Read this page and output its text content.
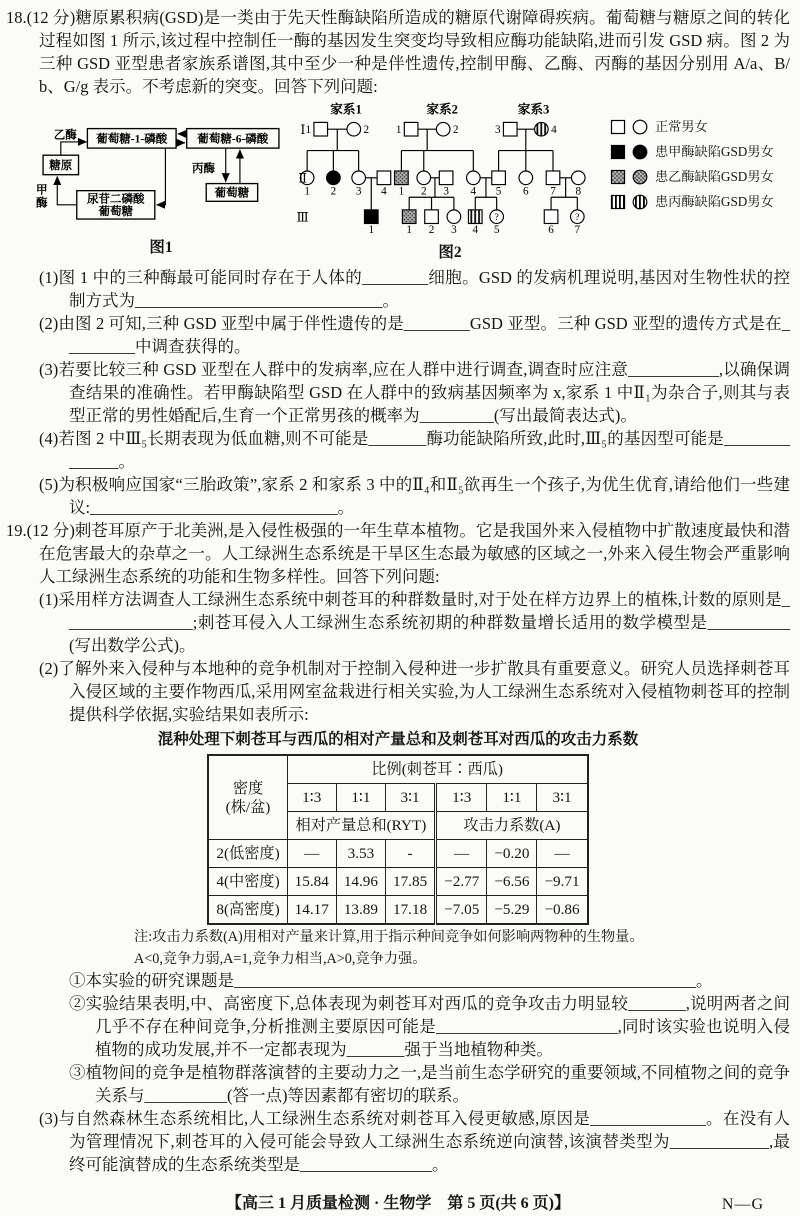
18.(12 分)糖原累积病(GSD)是一类由于先天性酶缺陷所造成的糖原代谢障碍疾病。葡萄糖与糖原之间的转化过程如图 1 所示,该过程中控制任一酶的基因发生突变均导致相应酶功能缺陷,进而引发 GSD 病。图 2 为三种 GSD 亚型患者家族系谱图,其中至少一种是伴性遗传,控制甲酶、乙酶、丙酶的基因分别用 A/a、B/b、G/g 表示。不考虑新的突变。回答下列问题:
糖原
葡萄糖-1-磷酸 葡萄糖-6-磷酸
葡萄糖
尿苷二磷酸
葡萄糖
乙酶
丙酶
甲
酶
图1
1	2
1 2 3 4
1
1	2
1 2 3 4
1 2 3 4
?
5
3	4
5 6 7 8
6
?
7
家系1	家系2	家系3
Ⅰ
Ⅱ
Ⅲ
图2
正常男女
患甲酶缺陷GSD男女
患乙酶缺陷GSD男女
患丙酶缺陷GSD男女
(1)图 1 中的三种酶最可能同时存在于人体的________细胞。GSD 的发病机理说明,基因对生物性状的控制方式为______________________________。
(2)由图 2 可知,三种 GSD 亚型中属于伴性遗传的是________GSD 亚型。三种 GSD 亚型的遗传方式是在_________中调查获得的。
(3)若要比较三种 GSD 亚型在人群中的发病率,应在人群中进行调查,调查时应注意___________,以确保调查结果的准确性。若甲酶缺陷型 GSD 在人群中的致病基因频率为 x,家系 1 中Ⅱ₁为杂合子,则其与表型正常的男性婚配后,生育一个正常男孩的概率为_________(写出最简表达式)。
(4)若图 2 中Ⅲ₅长期表现为低血糖,则不可能是_______酶功能缺陷所致,此时,Ⅲ₅的基因型可能是______________。
(5)为积极响应国家“三胎政策”,家系 2 和家系 3 中的Ⅱ₄和Ⅱ₅欲再生一个孩子,为优生优育,请给他们一些建议:______________________________。
19.(12 分)刺苍耳原产于北美洲,是入侵性极强的一年生草本植物。它是我国外来入侵植物中扩散速度最快和潜在危害最大的杂草之一。人工绿洲生态系统是干旱区生态最为敏感的区域之一,外来入侵生物会严重影响人工绿洲生态系统的功能和生物多样性。回答下列问题:
(1)采用样方法调查人工绿洲生态系统中刺苍耳的种群数量时,对于处在样方边界上的植株,计数的原则是________________;刺苍耳侵入人工绿洲生态系统初期的种群数量增长适用的数学模型是__________(写出数学公式)。
(2)了解外来入侵种与本地种的竞争机制对于控制入侵种进一步扩散具有重要意义。研究人员选择刺苍耳入侵区域的主要作物西瓜,采用网室盆栽进行相关实验,为人工绿洲生态系统对入侵植物刺苍耳的控制提供科学依据,实验结果如表所示:
混种处理下刺苍耳与西瓜的相对产量总和及刺苍耳对西瓜的攻击力系数
密度
(株/盆)	比例(刺苍耳∶西瓜)					
	1∶3	1∶1	3∶1	1∶3	1∶1	3∶1
	相对产量总和(RYT)			攻击力系数(A)		
2(低密度)	—	3.53	-	—	−0.20	—
4(中密度)	15.84	14.96	17.85	−2.77	−6.56	−9.71
8(高密度)	14.17	13.89	17.18	−7.05	−5.29	−0.86
注:攻击力系数(A)用相对产量来计算,用于指示种间竞争如何影响两物种的生物量。
A<0,竞争力弱,A=1,竞争力相当,A>0,竞争力强。
①本实验的研究课题是________________________________________________________。
②实验结果表明,中、高密度下,总体表现为刺苍耳对西瓜的竞争攻击力明显较_______,说明两者之间几乎不存在种间竞争,分析推测主要原因可能是______________________,同时该实验也说明入侵植物的成功发展,并不一定都表现为_______强于当地植物种类。
③植物间的竞争是植物群落演替的主要动力之一,是当前生态学研究的重要领域,不同植物之间的竞争关系与__________(答一点)等因素都有密切的联系。
(3)与自然森林生态系统相比,人工绿洲生态系统对刺苍耳入侵更敏感,原因是______________。在没有人为管理情况下,刺苍耳的入侵可能会导致人工绿洲生态系统逆向演替,该演替类型为____________,最终可能演替成的生态系统类型是________________。
【高三 1 月质量检测 · 生物学　第 5 页(共 6 页)】	N—G
